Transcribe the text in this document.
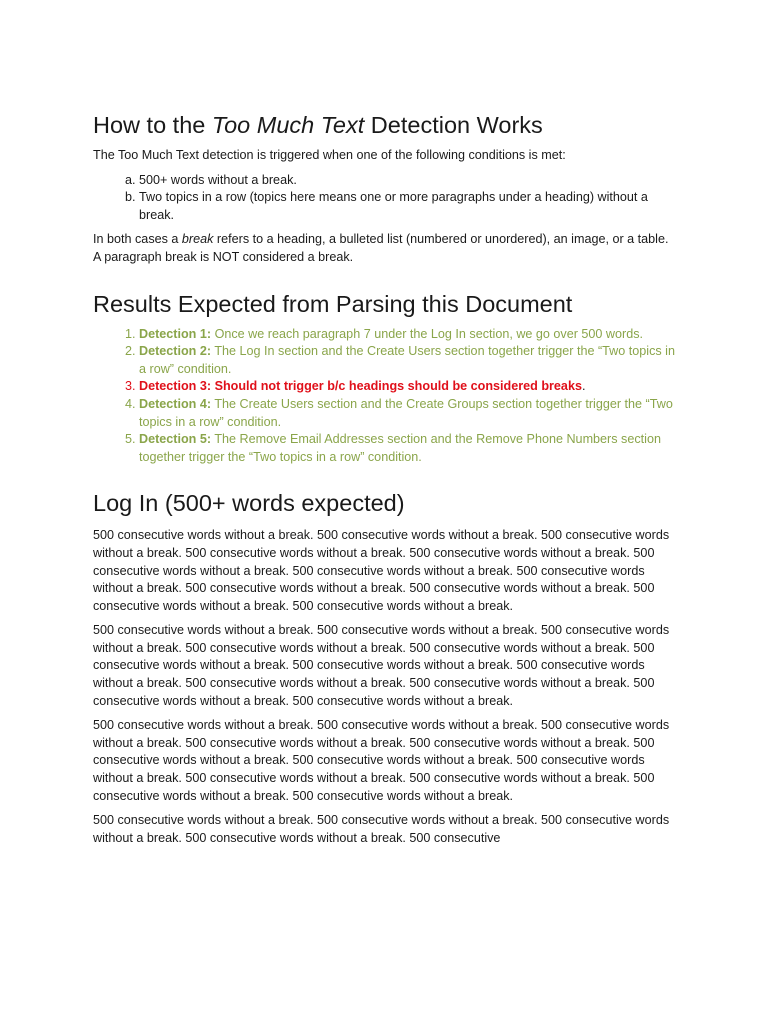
How to the Too Much Text Detection Works

The Too Much Text detection is triggered when one of the following conditions is met:

a. 500+ words without a break.
b. Two topics in a row (topics here means one or more paragraphs under a heading) without a break.

In both cases a break refers to a heading, a bulleted list (numbered or unordered), an image, or a table. A paragraph break is NOT considered a break.

Results Expected from Parsing this Document
1. Detection 1: Once we reach paragraph 7 under the Log In section, we go over 500 words.
2. Detection 2: The Log In section and the Create Users section together trigger the “Two topics in a row” condition.
3. Detection 3: Should not trigger b/c headings should be considered breaks.
4. Detection 4: The Create Users section and the Create Groups section together trigger the “Two topics in a row” condition.
5. Detection 5: The Remove Email Addresses section and the Remove Phone Numbers section together trigger the “Two topics in a row” condition.
Log In (500+ words expected)

500 consecutive words without a break. 500 consecutive words without a break. 500 consecutive words without a break. 500 consecutive words without a break. 500 consecutive words without a break. 500 consecutive words without a break. 500 consecutive words without a break. 500 consecutive words without a break. 500 consecutive words without a break. 500 consecutive words without a break. 500 consecutive words without a break. 500 consecutive words without a break.

500 consecutive words without a break. 500 consecutive words without a break. 500 consecutive words without a break. 500 consecutive words without a break. 500 consecutive words without a break. 500 consecutive words without a break. 500 consecutive words without a break. 500 consecutive words without a break. 500 consecutive words without a break. 500 consecutive words without a break. 500 consecutive words without a break. 500 consecutive words without a break.

500 consecutive words without a break. 500 consecutive words without a break. 500 consecutive words without a break. 500 consecutive words without a break. 500 consecutive words without a break. 500 consecutive words without a break. 500 consecutive words without a break. 500 consecutive words without a break. 500 consecutive words without a break. 500 consecutive words without a break. 500 consecutive words without a break. 500 consecutive words without a break.

500 consecutive words without a break. 500 consecutive words without a break. 500 consecutive words without a break. 500 consecutive words without a break. 500 consecutive
